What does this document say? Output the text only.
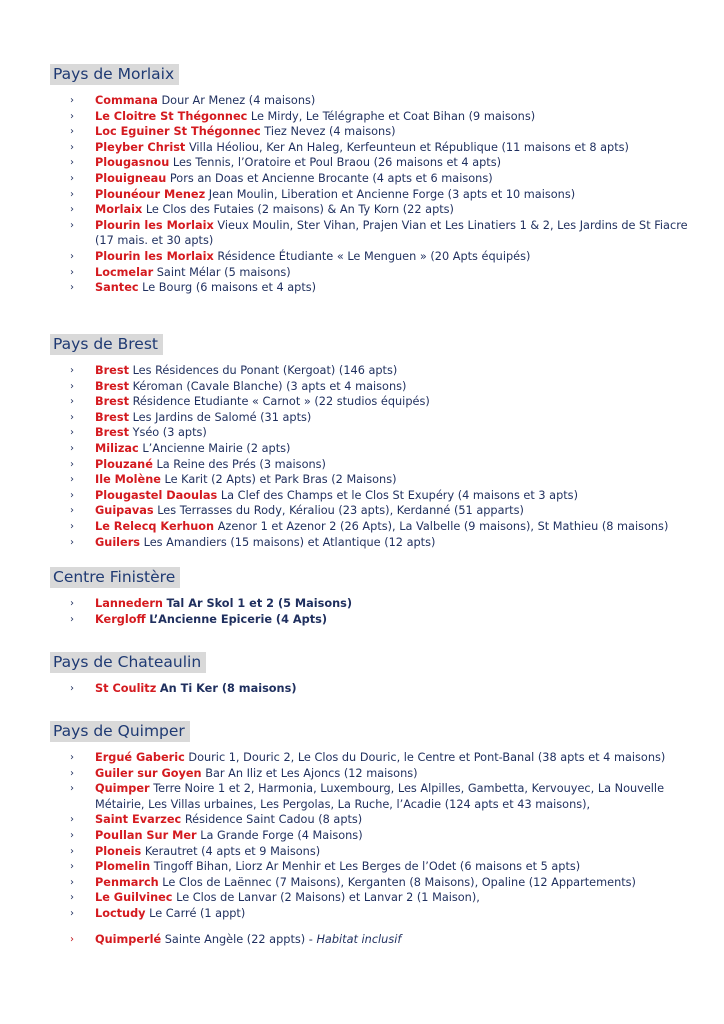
Pays de Morlaix
› Commana Dour Ar Menez (4 maisons)
› Le Cloitre St Thégonnec Le Mirdy, Le Télégraphe et Coat Bihan (9 maisons)
› Loc Eguiner St Thégonnec Tiez Nevez (4 maisons)
› Pleyber Christ Villa Héoliou, Ker An Haleg, Kerfeunteun et République (11 maisons et 8 apts)
› Plougasnou Les Tennis, l’Oratoire et Poul Braou (26 maisons et 4 apts)
› Plouigneau Pors an Doas et Ancienne Brocante (4 apts et 6 maisons)
› Plounéour Menez Jean Moulin, Liberation et Ancienne Forge (3 apts et 10 maisons)
› Morlaix Le Clos des Futaies (2 maisons) & An Ty Korn (22 apts)
› Plourin les Morlaix Vieux Moulin, Ster Vihan, Prajen Vian et Les Linatiers 1 & 2, Les Jardins de St Fiacre (17 mais. et 30 apts)
› Plourin les Morlaix Résidence Étudiante « Le Menguen » (20 Apts équipés)
› Locmelar Saint Mélar (5 maisons)
› Santec Le Bourg (6 maisons et 4 apts)
Pays de Brest
› Brest Les Résidences du Ponant (Kergoat) (146 apts)
› Brest Kéroman (Cavale Blanche) (3 apts et 4 maisons)
› Brest Résidence Etudiante « Carnot » (22 studios équipés)
› Brest Les Jardins de Salomé (31 apts)
› Brest Yséo (3 apts)
› Milizac L’Ancienne Mairie (2 apts)
› Plouzané La Reine des Prés (3 maisons)
› Ile Molène Le Karit (2 Apts) et Park Bras (2 Maisons)
› Plougastel Daoulas La Clef des Champs et le Clos St Exupéry (4 maisons et 3 apts)
› Guipavas Les Terrasses du Rody, Kéraliou (23 apts), Kerdanné (51 apparts)
› Le Relecq Kerhuon Azenor 1 et Azenor 2 (26 Apts), La Valbelle (9 maisons), St Mathieu (8 maisons)
› Guilers Les Amandiers (15 maisons) et Atlantique (12 apts)
Centre Finistère
› Lannedern Tal Ar Skol 1 et 2 (5 Maisons)
› Kergloff L’Ancienne Epicerie (4 Apts)
Pays de Chateaulin
› St Coulitz An Ti Ker (8 maisons)
Pays de Quimper
› Ergué Gaberic Douric 1, Douric 2, Le Clos du Douric, le Centre et Pont-Banal (38 apts et 4 maisons)
› Guiler sur Goyen Bar An Iliz et Les Ajoncs (12 maisons)
› Quimper Terre Noire 1 et 2, Harmonia, Luxembourg, Les Alpilles, Gambetta, Kervouyec, La Nouvelle Métairie, Les Villas urbaines, Les Pergolas, La Ruche, l’Acadie (124 apts et 43 maisons),
› Saint Evarzec Résidence Saint Cadou (8 apts)
› Poullan Sur Mer La Grande Forge (4 Maisons)
› Ploneis Kerautret (4 apts et 9 Maisons)
› Plomelin Tingoff Bihan, Liorz Ar Menhir et Les Berges de l’Odet (6 maisons et 5 apts)
› Penmarch Le Clos de Laënnec (7 Maisons), Kerganten (8 Maisons), Opaline (12 Appartements)
› Le Guilvinec Le Clos de Lanvar (2 Maisons) et Lanvar 2 (1 Maison),
› Loctudy Le Carré (1 appt)
› Quimperlé Sainte Angèle (22 appts) - Habitat inclusif
